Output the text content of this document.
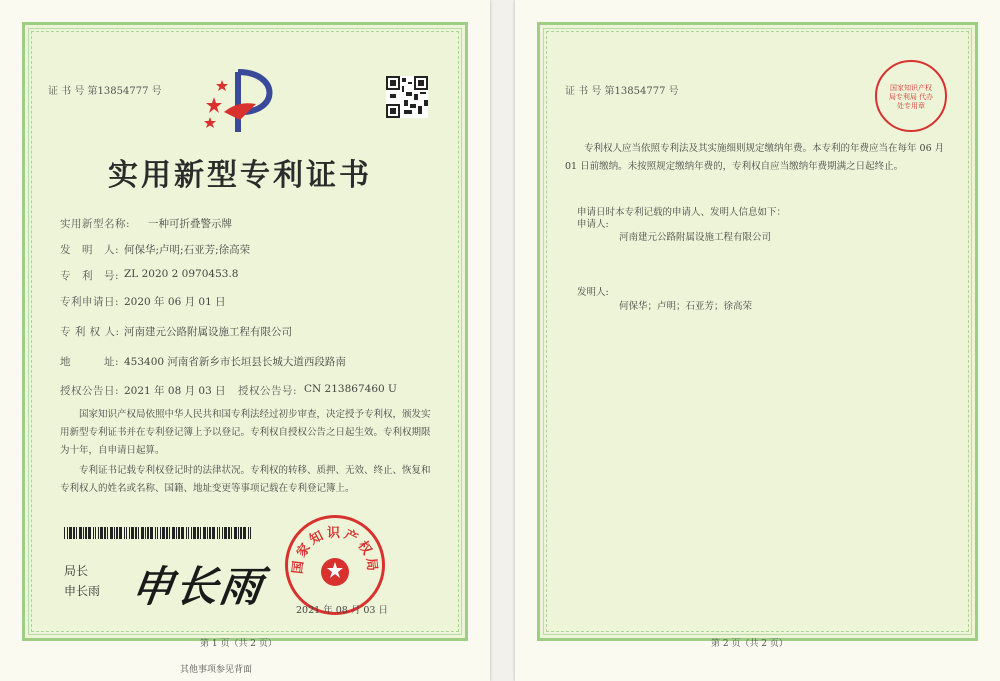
证 书 号 第13854777 号
实用新型专利证书
实用新型名称: 一种可折叠警示牌
发　明　人: 何保华;卢明;石亚芳;徐高荣
专　利　号: ZL 2020 2 0970453.8
专利申请日: 2020 年 06 月 01 日
专 利 权 人: 河南建元公路附属设施工程有限公司
地　　　址: 453400 河南省新乡市长垣县长城大道西段路南
授权公告日: 2021 年 08 月 03 日 授权公告号: CN 213867460 U
国家知识产权局依照中华人民共和国专利法经过初步审查，决定授予专利权，颁发实用新型专利证书并在专利登记簿上予以登记。专利权自授权公告之日起生效。专利权期限为十年，自申请日起算。
专利证书记载专利权登记时的法律状况。专利权的转移、质押、无效、终止、恢复和专利权人的姓名或名称、国籍、地址变更等事项记载在专利登记簿上。
局长
申长雨 申长雨 国家知识产权局
2021 年 08 月 03 日
第 1 页（共 2 页）
其他事项参见背面
证 书 号 第13854777 号	国家知识产权局专利局 代办处专用章
专利权人应当依照专利法及其实施细则规定缴纳年费。本专利的年费应当在每年 06 月 01 日前缴纳。未按照规定缴纳年费的，专利权自应当缴纳年费期满之日起终止。
申请日时本专利记载的申请人、发明人信息如下：
申请人:
河南建元公路附属设施工程有限公司
发明人:
何保华；卢明；石亚芳；徐高荣
第 2 页（共 2 页）
